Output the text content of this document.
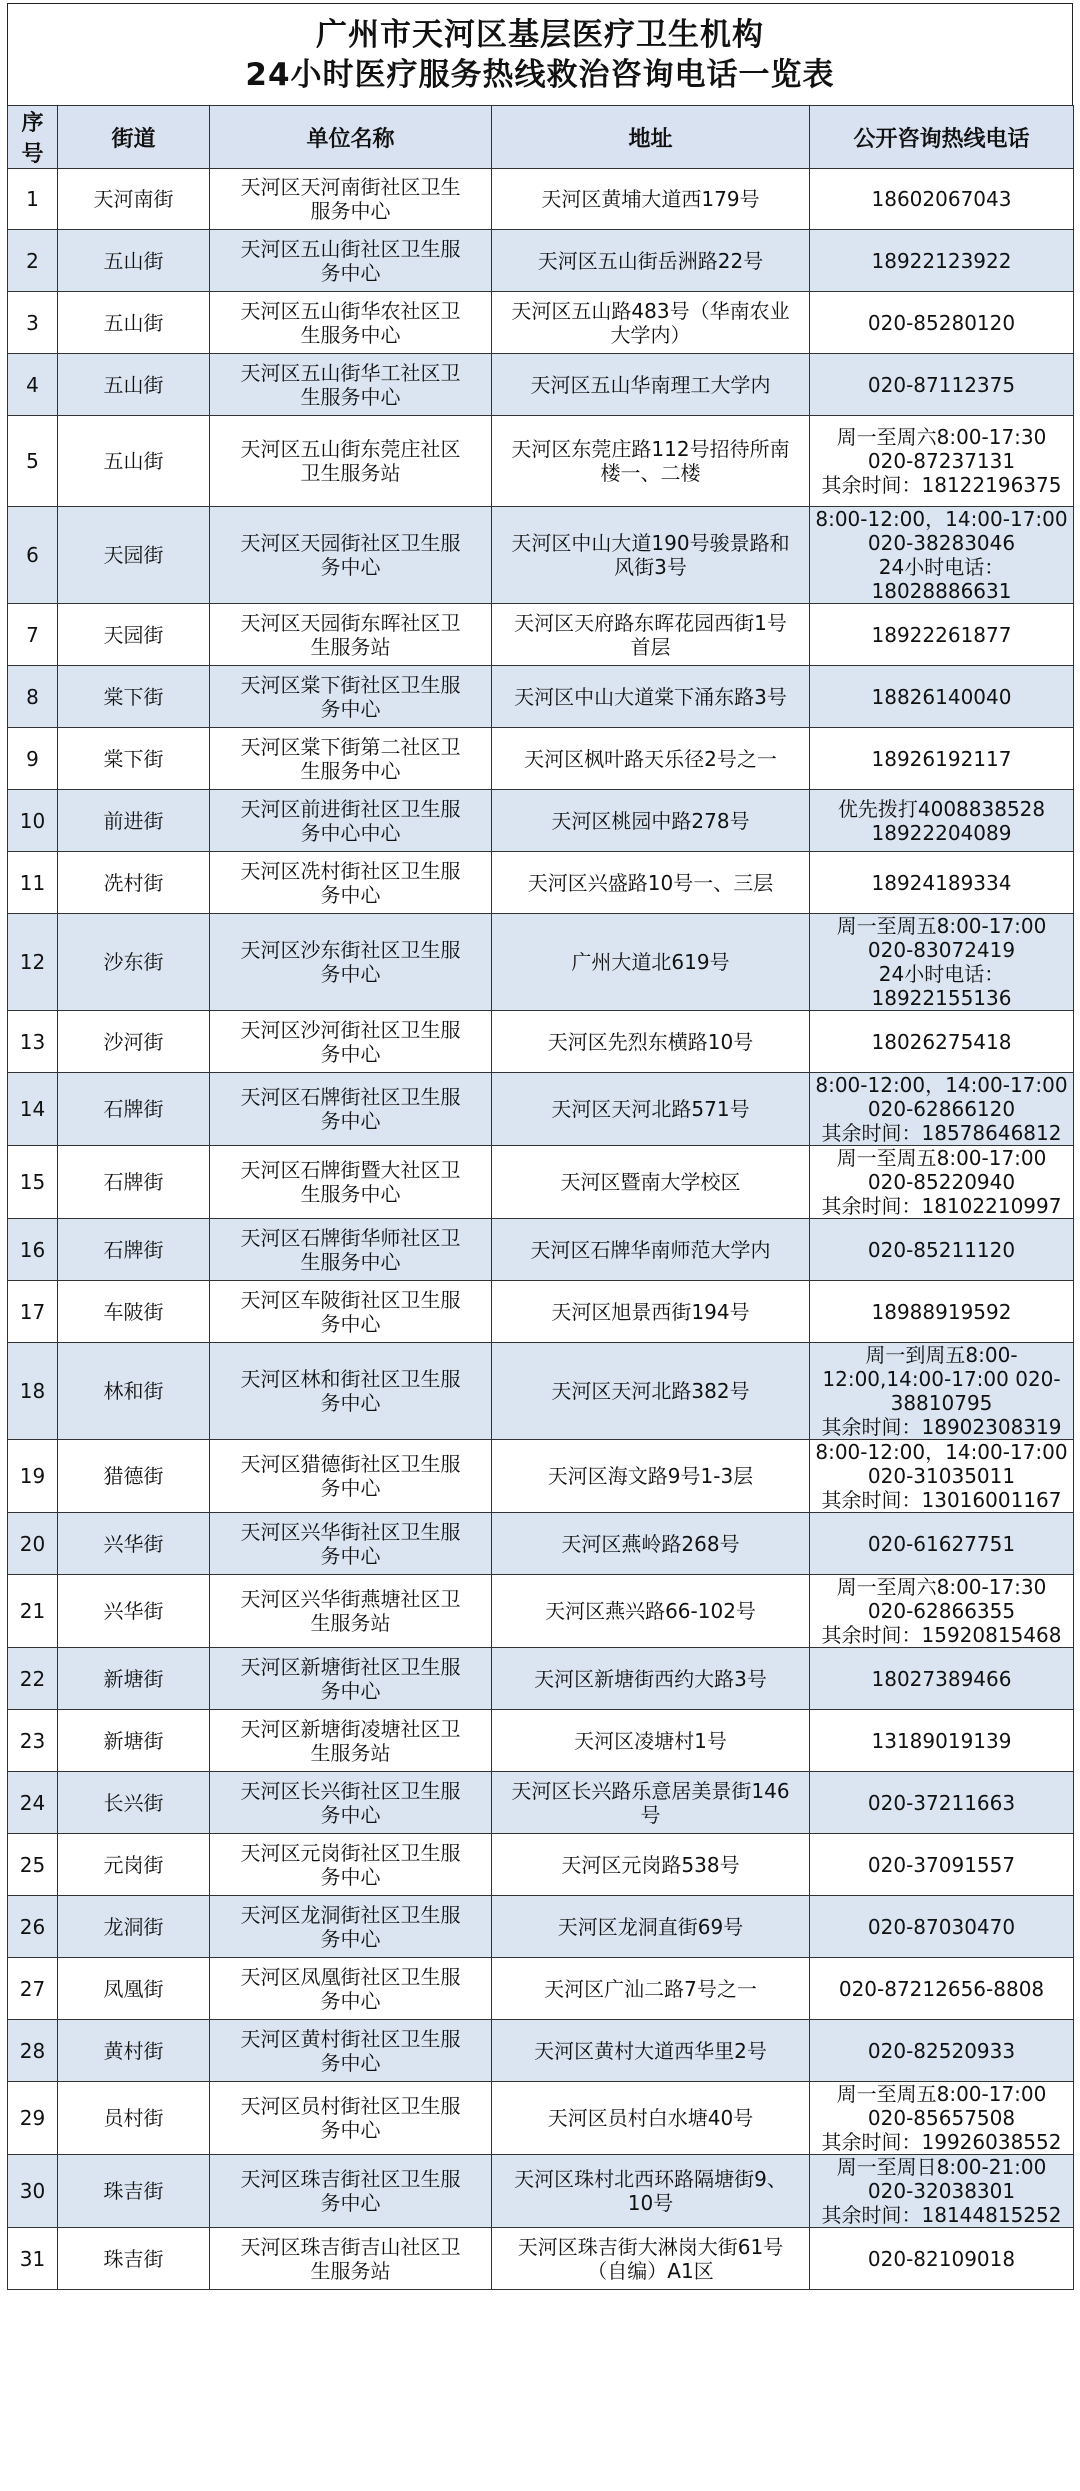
广州市天河区基层医疗卫生机构
24小时医疗服务热线救治咨询电话一览表
序号	街道	单位名称	地址	公开咨询热线电话
1	天河南街	天河区天河南街社区卫生
服务中心	天河区黄埔大道西179号	18602067043
2	五山街	天河区五山街社区卫生服
务中心	天河区五山街岳洲路22号	18922123922
3	五山街	天河区五山街华农社区卫
生服务中心	天河区五山路483号（华南农业
大学内）	020-85280120
4	五山街	天河区五山街华工社区卫
生服务中心	天河区五山华南理工大学内	020-87112375
5	五山街	天河区五山街东莞庄社区
卫生服务站	天河区东莞庄路112号招待所南
楼一、二楼	周一至周六8:00-17:30
020-87237131
其余时间：18122196375
6	天园街	天河区天园街社区卫生服
务中心	天河区中山大道190号骏景路和
风街3号	8:00-12:00，14:00-17:00
020-38283046
24小时电话：
18028886631
7	天园街	天河区天园街东晖社区卫
生服务站	天河区天府路东晖花园西街1号
首层	18922261877
8	棠下街	天河区棠下街社区卫生服
务中心	天河区中山大道棠下涌东路3号	18826140040
9	棠下街	天河区棠下街第二社区卫
生服务中心	天河区枫叶路天乐径2号之一	18926192117
10	前进街	天河区前进街社区卫生服
务中心中心	天河区桃园中路278号	优先拨打4008838528
18922204089
11	冼村街	天河区冼村街社区卫生服
务中心	天河区兴盛路10号一、三层	18924189334
12	沙东街	天河区沙东街社区卫生服
务中心	广州大道北619号	周一至周五8:00-17:00
020-83072419
24小时电话：
18922155136
13	沙河街	天河区沙河街社区卫生服
务中心	天河区先烈东横路10号	18026275418
14	石牌街	天河区石牌街社区卫生服
务中心	天河区天河北路571号	8:00-12:00，14:00-17:00
020-62866120
其余时间：18578646812
15	石牌街	天河区石牌街暨大社区卫
生服务中心	天河区暨南大学校区	周一至周五8:00-17:00
020-85220940
其余时间：18102210997
16	石牌街	天河区石牌街华师社区卫
生服务中心	天河区石牌华南师范大学内	020-85211120
17	车陂街	天河区车陂街社区卫生服
务中心	天河区旭景西街194号	18988919592
18	林和街	天河区林和街社区卫生服
务中心	天河区天河北路382号	周一到周五8:00-
12:00,14:00-17:00 020-
38810795
其余时间：18902308319
19	猎德街	天河区猎德街社区卫生服
务中心	天河区海文路9号1-3层	8:00-12:00，14:00-17:00
020-31035011
其余时间：13016001167
20	兴华街	天河区兴华街社区卫生服
务中心	天河区燕岭路268号	020-61627751
21	兴华街	天河区兴华街燕塘社区卫
生服务站	天河区燕兴路66-102号	周一至周六8:00-17:30
020-62866355
其余时间：15920815468
22	新塘街	天河区新塘街社区卫生服
务中心	天河区新塘街西约大路3号	18027389466
23	新塘街	天河区新塘街凌塘社区卫
生服务站	天河区凌塘村1号	13189019139
24	长兴街	天河区长兴街社区卫生服
务中心	天河区长兴路乐意居美景街146
号	020-37211663
25	元岗街	天河区元岗街社区卫生服
务中心	天河区元岗路538号	020-37091557
26	龙洞街	天河区龙洞街社区卫生服
务中心	天河区龙洞直街69号	020-87030470
27	凤凰街	天河区凤凰街社区卫生服
务中心	天河区广汕二路7号之一	020-87212656-8808
28	黄村街	天河区黄村街社区卫生服
务中心	天河区黄村大道西华里2号	020-82520933
29	员村街	天河区员村街社区卫生服
务中心	天河区员村白水塘40号	周一至周五8:00-17:00
020-85657508
其余时间：19926038552
30	珠吉街	天河区珠吉街社区卫生服
务中心	天河区珠村北西环路隔塘街9、
10号	周一至周日8:00-21:00
020-32038301
其余时间：18144815252
31	珠吉街	天河区珠吉街吉山社区卫
生服务站	天河区珠吉街大淋岗大街61号
（自编）A1区	020-82109018
